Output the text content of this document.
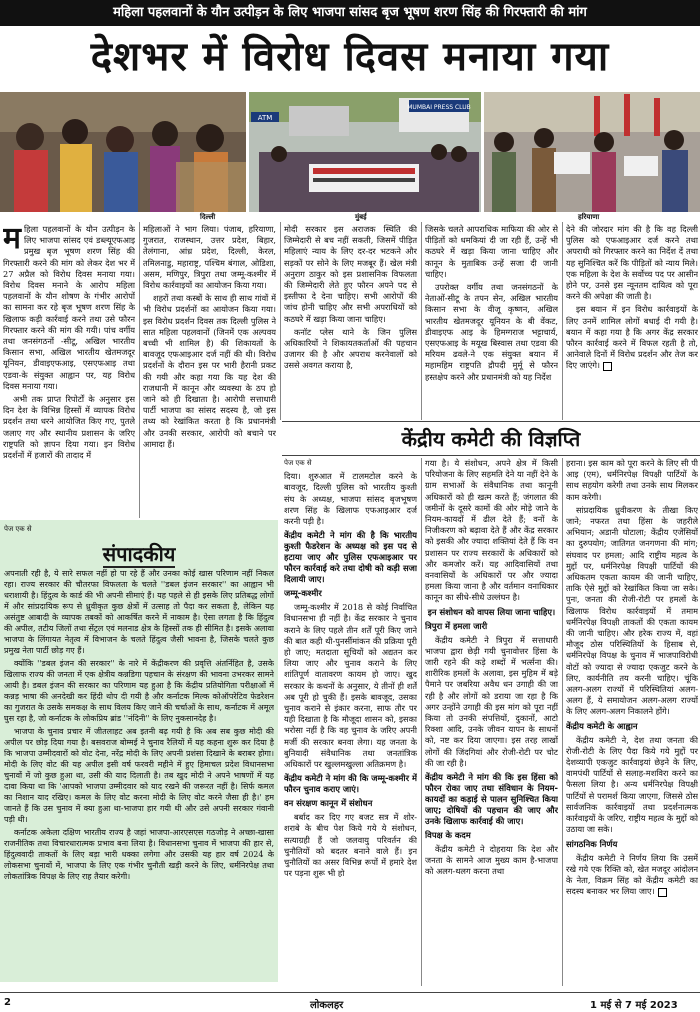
महिला पहलवानों के यौन उत्पीड़न के लिए भाजपा सांसद बृज भूषण शरण सिंह की गिरफ्तारी की मांग
देशभर में विरोध दिवस मनाया गया
MUMBAI PRESS CLUB
ATM
दिल्ली	मुंबई	हरियाणा

महिला पहलवानों के यौन उत्पीड़न के लिए भाजपा सांसद एवं डब्ल्यूएफआइ प्रमुख बृज भूषण शरण सिंह की गिरफ्तारी करने की मांग को लेकर देश भर में 27 अप्रैल को विरोध दिवस मनाया गया। विरोध दिवस मनाने के आरोप महिला पहलवानों के यौन शोषण के गंभीर आरोपों का सामना कर रहे बृज भूषण शरण सिंह के खिलाफ कड़ी कार्रवाई करने तथा उसे फौरन गिरफ्तार करने की मांग की गयी। पांच वर्गीय तथा जनसंगठनों -सीटू, अखिल भारतीय किसान सभा, अखिल भारतीय खेतमजदूर यूनियन, डीवाइएफआइ, एसएफआइ तथा एडवा-के संयुक्त आह्वान पर, यह विरोध दिवस मनाया गया।

अभी तक प्राप्त रिपोर्टों के अनुसार इस दिन देश के विभिन्न हिस्सों में व्यापक विरोध प्रदर्शन तथा धरने आयोजित किए गए, पुतले जलाए गए और स्थानीय प्रशासन के जरिए राष्ट्रपति को ज्ञापन दिया गया। इन विरोध प्रदर्शनों में हजारों की तादाद में

महिलाओं ने भाग लिया। पंजाब, हरियाणा, गुजरात, राजस्थान, उत्तर प्रदेश, बिहार, तेलंगाना, आंध्र प्रदेश, दिल्ली, केरल, तमिलनाडु, महाराष्ट्र, पश्चिम बंगाल, ओडिशा, असम, मणिपुर, त्रिपुरा तथा जम्मू-कश्मीर में विरोध कार्रवाइयों का आयोजन किया गया।

शहरों तथा कस्बों के साथ ही साथ गांवों में भी विरोध प्रदर्शनों का आयोजन किया गया। इस विरोध प्रदर्शन दिवस तक दिल्ली पुलिस ने सात महिला पहलवानों (जिनमें एक अल्पवय बच्ची भी शामिल है) की शिकायतों के बावजूद एफआइआर दर्ज नहीं की थी। विरोध प्रदर्शनों के दौरान इस पर भारी हैरानी प्रकट की गयी और कहा गया कि यह देश की राजधानी में कानून और व्यवस्था के ठप हो जाने को ही दिखाता है। आरोपी सत्ताधारी पार्टी भाजपा का सांसद सदस्य है, जो इस तथ्य को रेखांकित करता है कि प्रधानमंत्री और उनकी सरकार, आरोपी को बचाने पर आमादा हैं।

मोदी सरकार इस अराजक स्थिति की जिम्मेदारी से बच नहीं सकती, जिसमें पीड़ित महिलाएं न्याय के लिए दर-दर भटकने और सड़कों पर सोने के लिए मजबूर हैं। खेल मंत्री अनुराग ठाकुर को इस प्रशासनिक विफलता की जिम्मेदारी लेते हुए फौरन अपने पद से इस्तीफा दे देना चाहिए। सभी आरोपों की जांच होनी चाहिए और सभी अपराधियों को कठघरे में खड़ा किया जाना चाहिए।

कनॉट प्लेस थाने के जिन पुलिस अधिकारियों ने शिकायतकर्ताओं की पहचान उजागर की है और अपराध करनेवालों को उससे अवगत कराया है,

जिसके चलते आपराधिक माफिया की ओर से पीड़ितों को धमकियां दी जा रही हैं, उन्हें भी कठघरे में खड़ा किया जाना चाहिए और कानून के मुताबिक उन्हें सजा दी जानी चाहिए।

उपरोक्त वर्गीय तथा जनसंगठनों के नेताओं-सीटू के तपन सेन, अखिल भारतीय किसान सभा के वीजू कृष्णन, अखिल भारतीय खेतमजदूर यूनियन के बी वेंकट, डीवाइएफ आइ के हिमग्गराज भट्टाचार्य, एसएफआइ के मयूख बिस्वास तथा एडवा की मरियम ढवले-ने एक संयुक्त बयान में महामहिम राष्ट्रपति द्रौपदी मुर्मू से फौरन हस्तक्षेप करने और प्रधानमंत्री को यह निर्देश

देने की जोरदार मांग की है कि वह दिल्ली पुलिस को एफआइआर दर्ज करने तथा अपराधी को गिरफ्तार करने का निर्देश दें तथा यह सुनिश्चित करें कि पीड़ितों को न्याय मिले। एक महिला के देश के सर्वोच्च पद पर आसीन होने पर, उनसे इस न्यूनतम दायित्व को पूरा करने की अपेक्षा की जाती है।

इस बयान में इन विरोध कार्रवाइयों के लिए उनमें शामिल लोगों बधाई दी गयी है। बयान में कहा गया है कि अगर केंद्र सरकार फौरन कार्रवाई करने में विफल रहती है तो, आनेवाले दिनों में विरोध प्रदर्शन और तेज कर दिए जाएंगे।

केंद्रीय कमेटी की विज्ञप्ति
पेज एक से
संपादकीय

अपनाती रही है, ये सारे सफल नहीं हो पा रहे हैं और उनका कोई खास परिणाम नहीं निकल रहा। राज्य सरकार की चौतरफा विफलता के चलते ''डबल इंजन सरकार'' का आह्वान भी धराशायी है। हिंदुत्व के कार्ड की भी अपनी सीमाएं हैं। यह पहले से ही इसके लिए प्रतिबद्ध लोगों में और सांप्रदायिक रूप से ध्रुवीकृत कुछ क्षेत्रों में उत्साह तो पैदा कर सकता है, लेकिन यह असंतुष्ट आबादी के व्यापक तबकों को आकर्षित करने में नाकाम है। ऐसा लगता है कि हिंदुत्व की अपील, तटीय जिलों तथा सेंट्रल एवं मलनाड क्षेत्र के हिस्सों तक ही सीमित है। इसके अलावा भाजपा के लिंगायत नेतृत्व में विभाजन के चलते हिंदुत्व जैसी भावना है, जिसके चलते कुछ प्रमुख नेता पार्टी छोड़ गए हैं।

क्योंकि ''डबल इंजन की सरकार'' के नारे में केंद्रीकरण की प्रवृत्ति अंतर्निहित है, उसके खिलाफ राज्य की जनता में एक क्षेत्रीय कन्नडिगा पहचान के संरक्षण की भावना उभरकर सामने आयी है। डबल इंजन की सरकार का परिणाम यह हुआ है कि केंद्रीय प्रतियोगिता परीक्षाओं में कन्नड़ भाषा की अनदेखी कर हिंदी थोप दी गयी है और कर्नाटक मिल्क कोऑपरेटिव फेडरेशन का गुजरात के उसके समकक्ष के साथ विलय किए जाने की चर्चाओं के साथ, कर्नाटक में अमूल घुस रहा है, जो कर्नाटक के लोकप्रिय ब्रांड ''नंदिनी'' के लिए नुकसानदेह है।

भाजपा के चुनाव प्रचार में जीतलाहट अब इतनी बढ़ गयी है कि अब सब कुछ मोदी की अपील पर छोड़ दिया गया है। बसवराज बोम्मई ने चुनाव रैलियों में यह कहना शुरू कर दिया है कि भाजपा उम्मीदवारों को वोट देना, नरेंद्र मोदी के लिए अपनी प्रशंसा दिखाने के बराबर होगा। मोदी के लिए वोट की यह अपील इसी वर्ष फरवरी महीने में हुए हिमाचल प्रदेश विधानसभा चुनावों में जो कुछ हुआ था, उसी की याद दिलाती है। तब खुद मोदी ने अपने भाषणों में यह दावा किया था कि 'आपको भाजपा उम्मीदवार को याद रखने की जरूरत नहीं है। सिर्फ कमल का निशान याद रखिए। कमल के लिए वोट करना मोदी के लिए वोट करने जैसा ही है।' हम जानते हैं कि उस चुनाव में क्या हुआ था-भाजपा हार गयी थी और उसे अपनी सरकार गंवानी पड़ी थी।

कर्नाटक अकेला दक्षिण भारतीय राज्य है जहां भाजपा-आरएसएस गठजोड़ ने अच्छा-खासा राजनीतिक तथा विचारधारात्मक प्रभाव बना लिया है। विधानसभा चुनाव में भाजपा की हार से, हिंदुत्ववादी ताकतों के लिए बड़ा भारी धक्का लगेगा और उसकी यह हार वर्ष 2024 के लोकसभा चुनावों में, भाजपा के लिए एक गंभीर चुनौती खड़ी करने के लिए, धर्मनिरपेक्ष तथा लोकतांत्रिक विपक्ष के लिए राह तैयार करेगी।

पेज एक से

दिया। शुरुआत में टालमटोल करने के बावजूद, दिल्ली पुलिस को भारतीय कुश्ती संघ के अध्यक्ष, भाजपा सांसद बृजभूषण शरण सिंह के खिलाफ एफआइआर दर्ज करनी पड़ी है।

केंद्रीय कमेटी ने मांग की है कि भारतीय कुश्ती फैडरेशन के अध्यक्ष को इस पद से हटाया जाए और पुलिस एफआइआर पर फौरन कार्रवाई करे तथा दोषी को कड़ी सजा दिलायी जाए।
जम्मू-कश्मीर

जम्मू-कश्मीर में 2018 से कोई निर्वाचित विधानसभा ही नहीं है। केंद्र सरकार ने चुनाव कराने के लिए पहले तीन शर्तें पूरी किए जाने की बात कही थी-पुनर्सीमांकन की प्रक्रिया पूरी हो जाए; मतदाता सूचियों को अद्यतन कर लिया जाए और चुनाव कराने के लिए शांतिपूर्ण वातावरण कायम हो जाए। खुद सरकार के कथनों के अनुसार, ये तीनों ही शर्तें अब पूरी हो चुकी हैं। इसके बावजूद, उसका चुनाव कराने से इंकार करना, साफ तौर पर यही दिखाता है कि मौजूदा शासन को, इसका भरोसा नहीं है कि वह चुनाव के जरिए अपनी मर्जी की सरकार बनवा लेगा। यह जनता के बुनियादी संवैधानिक तथा जनतांत्रिक अधिकारों पर खुल्लमखुल्ला अतिक्रमण है।

केंद्रीय कमेटी ने मांग की कि जम्मू-कश्मीर में फौरन चुनाव कराए जाएं।
वन संरक्षण कानून में संशोधन

बर्बाद कर दिए गए बजट सत्र में शोर-शराबे के बीच पेश किये गये ये संशोधन, सत्याग्रही हैं जो जलवायु परिवर्तन की चुनौतियों को बदतर बनाने वाले हैं। इन चुनौतियों का असर विभिन्न रूपों में हमारे देश पर पड़ना शुरू भी हो

गया है। ये संशोधन, अपने क्षेत्र में किसी परियोजना के लिए सहमति देने या नहीं देने के ग्राम सभाओं के संवैधानिक तथा कानूनी अधिकारों को ही खत्म करते हैं; जंगलात की जमीनों के दूसरे कामों की ओर मोड़े जाने के नियम-कायदों में ढील देते हैं; वनों के निजीकरण को बढ़ावा देते हैं और केंद्र सरकार को इसकी और ज्यादा शक्तियां देते हैं कि वन प्रशासन पर राज्य सरकारों के अधिकारों को और कमजोर करें। यह आदिवासियों तथा वनवासियों के अधिकारों पर और ज्यादा हमला किया जाना है और वर्तमान वनाधिकार कानून का सीधे-सीधे उल्लंघन है।

इन संशोधन को वापस लिया जाना चाहिए।
त्रिपुरा में हमला जारी

केंद्रीय कमेटी ने त्रिपुरा में सत्ताधारी भाजपा द्वारा छेड़ी गयी चुनावोत्तर हिंसा के जारी रहने की कड़े शब्दों में भर्त्सना की। शारीरिक हमलों के अलावा, इस मुहिम में बड़े पैमाने पर जबरिया अवैध धन उगाही की जा रही है और लोगों को डराया जा रहा है कि अगर उन्होंने उगाही की इस मांग को पूरा नहीं किया तो उनकी संपत्तियों, दुकानों, आटो रिक्शा आदि, उनके जीवन यापन के साधनों को, नष्ट कर दिया जाएगा। इस तरह लाखों लोगों की जिंदगियां और रोजी-रोटी पर चोट की जा रही है।

केंद्रीय कमेटी ने मांग की कि इस हिंसा को फौरन रोका जाए तथा संविधान के नियम-कायदों का कड़ाई से पालन सुनिश्चित किया जाए; दोषियों की पहचान की जाए और उनके खिलाफ कार्रवाई की जाए।
विपक्ष के कदम

केंद्रीय कमेटी ने दोहराया कि देश और जनता के सामने आज मुख्य काम है-भाजपा को अलग-थलग करना तथा

हराना। इस काम को पूरा करने के लिए सी पी आइ (एम), धर्मनिरपेक्ष विपक्षी पार्टियों के साथ सहयोग करेगी तथा उनके साथ मिलकर काम करेगी।

सांप्रदायिक ध्रुवीकरण के तीखा किए जाने; नफरत तथा हिंसा के जहरीले अभियान; अडानी घोटाला; केंद्रीय एजेंसियों का दुरुपयोग; जातिगत जनगणना की मांग; संघवाद पर हमला; आदि राष्ट्रीय महत्व के मुद्दों पर, धर्मनिरपेक्ष विपक्षी पार्टियों की अधिकतम एकता कायम की जानी चाहिए, ताकि ऐसे मुद्दों को रेखांकित किया जा सके। पुनः, जनता की रोजी-रोटी पर हमलों के खिलाफ विरोध कार्रवाइयों में तमाम धर्मनिरपेक्ष विपक्षी ताकतों की एकता कायम की जानी चाहिए। और हरेक राज्य में, वहां मौजूद ठोस परिस्थितियों के हिसाब से, धर्मनिरपेक्ष विपक्ष के चुनाव में भाजपाविरोधी वोटों को ज्यादा से ज्यादा एकजुट करने के लिए, कार्यनीति तय करनी चाहिए। चूंकि अलग-अलग राज्यों में परिस्थितियां अलग-अलग हैं, ये समायोजन अलग-अलग राज्यों के लिए अलग-अलग निकालने होंगे।

केंद्रीय कमेटी के आह्वान

केंद्रीय कमेटी ने, देश तथा जनता की रोजी-रोटी के लिए पैदा किये गये मुद्दों पर देशव्यापी एकजुट कार्रवाइयां छेड़ने के लिए, वामपंथी पार्टियों से सलाह-मशविरा करने का फैसला लिया है। अन्य धर्मनिरपेक्ष विपक्षी पार्टियों से परामर्श किया जाएगा, जिससे ठोस सार्वजनिक कार्रवाइयों तथा प्रदर्शनात्मक कार्रवाइयों के जरिए, राष्ट्रीय महत्व के मुद्दों को उठाया जा सके।

सांगठनिक निर्णय

केंद्रीय कमेटी ने निर्णय लिया कि उसमें रखे गये एक रिक्ति को, खेत मजदूर आंदोलन के नेता, विक्रम सिंह को केंद्रीय कमेटी का सदस्य बनाकर भर लिया जाए।

2	लोकलहर	1 मई से 7 मई 2023
